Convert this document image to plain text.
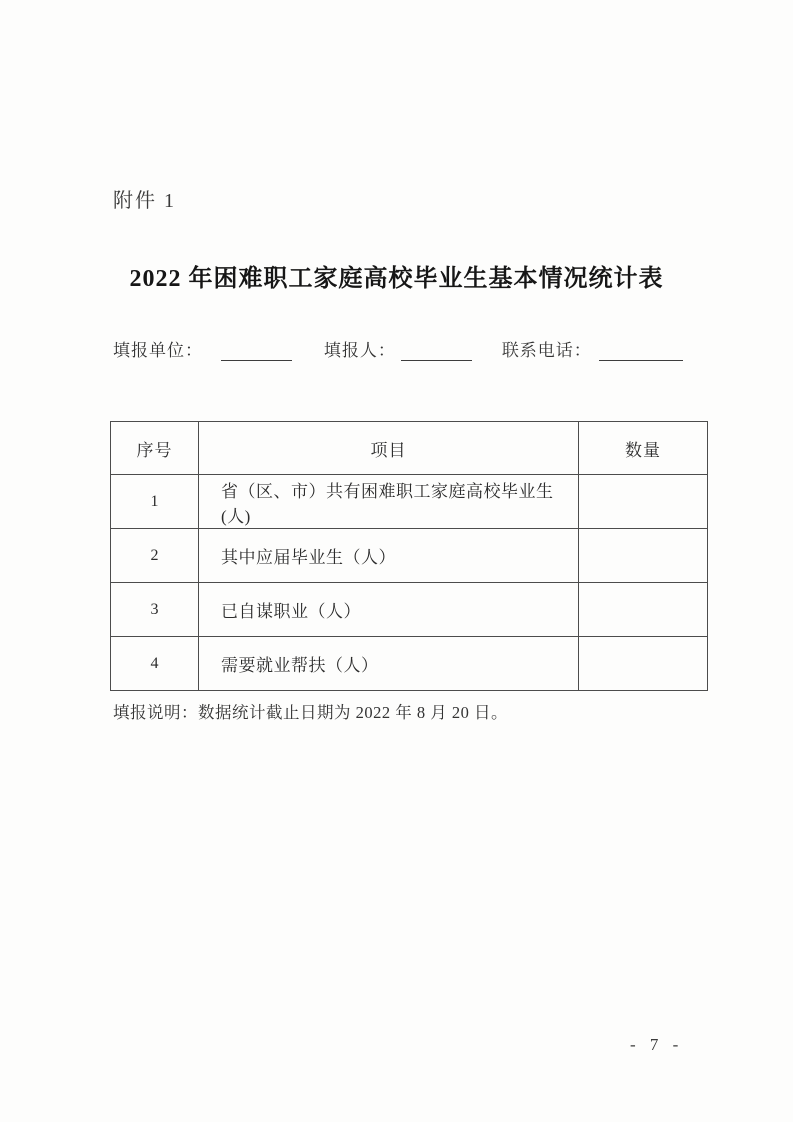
附件 1
2022 年困难职工家庭高校毕业生基本情况统计表
填报单位：	填报人：	联系电话：
序号	项目	数量
1	省（区、市）共有困难职工家庭高校毕业生(人)	
2	其中应届毕业生（人）	
3	已自谋职业（人）	
4	需要就业帮扶（人）	
填报说明：数据统计截止日期为 2022 年 8 月 20 日。
- 7 -
